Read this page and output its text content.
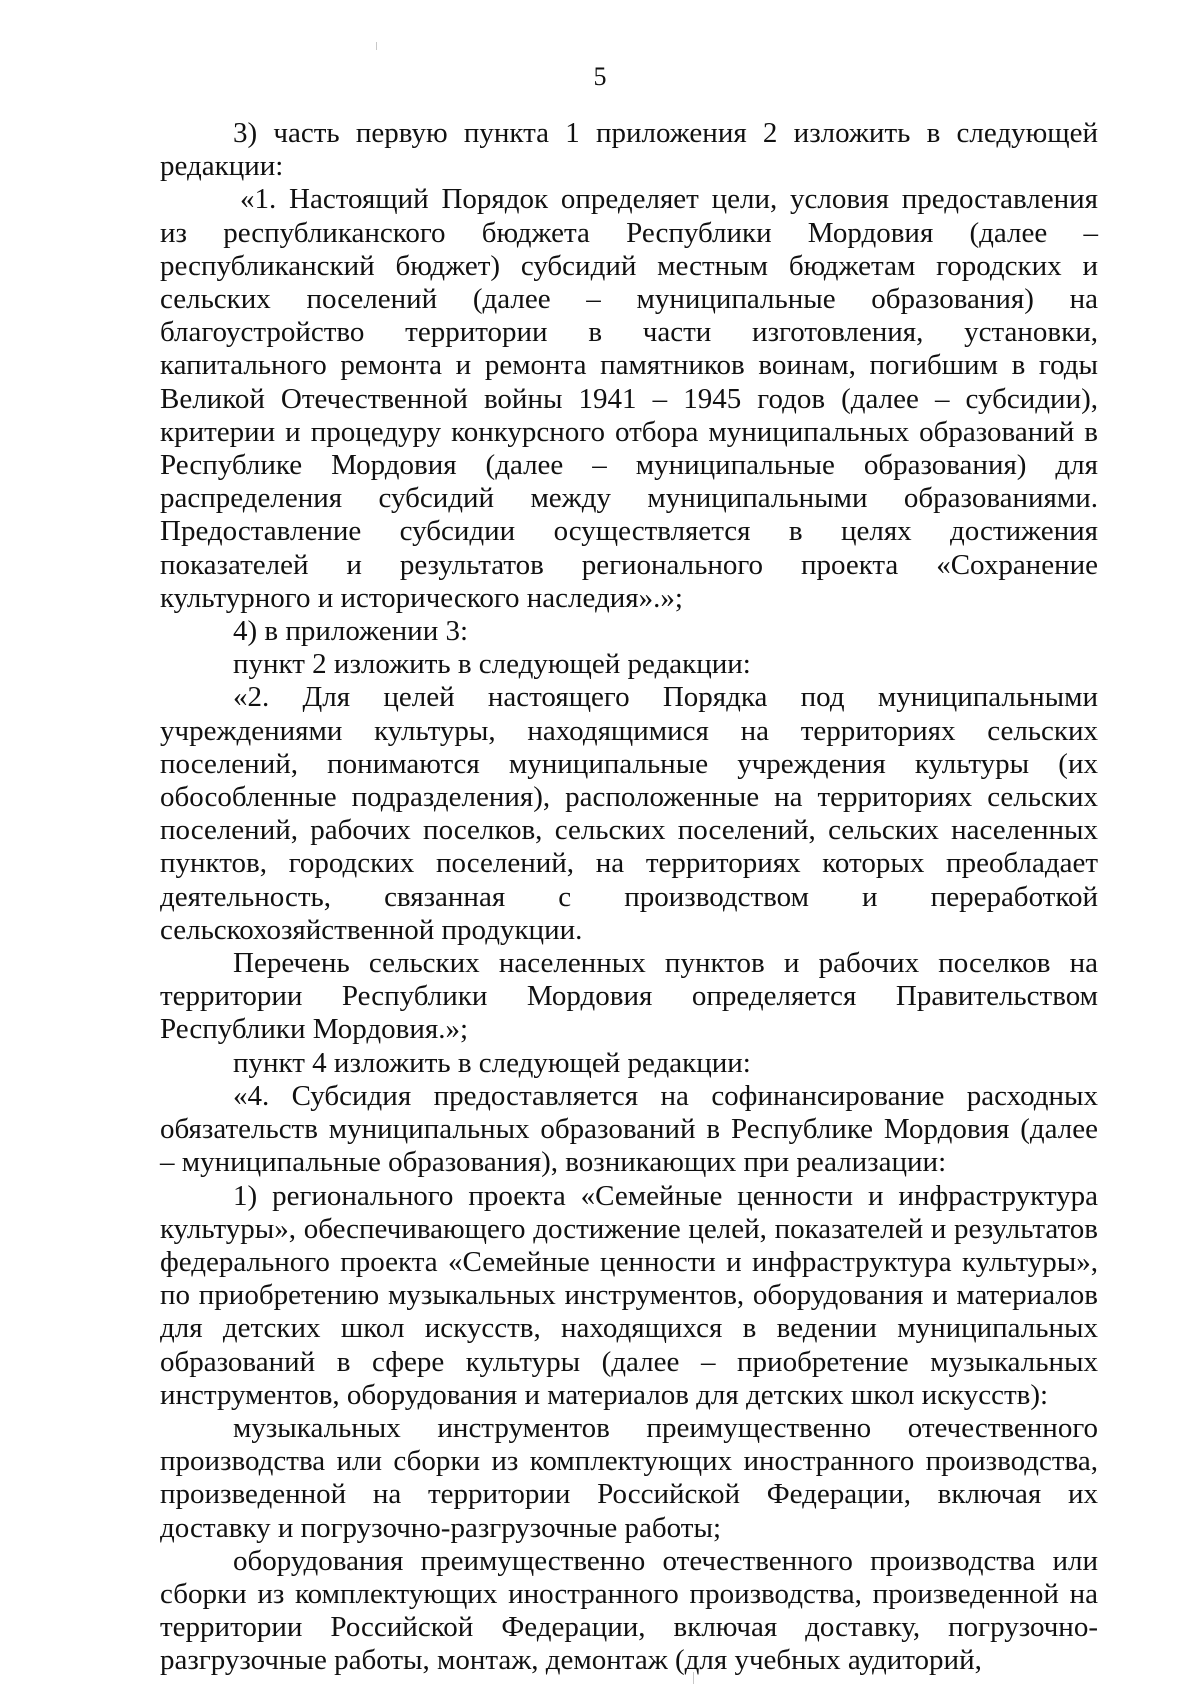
5

3) часть первую пункта 1 приложения 2 изложить в следующей редакции:

«1. Настоящий Порядок определяет цели, условия предоставления из республиканского бюджета Республики Мордовия (далее – республиканский бюджет) субсидий местным бюджетам городских и сельских поселений (далее – муниципальные образования) на благоустройство территории в части изготовления, установки, капитального ремонта и ремонта памятников воинам, погибшим в годы Великой Отечественной войны 1941 – 1945 годов (далее – субсидии), критерии и процедуру конкурсного отбора муниципальных образований в Республике Мордовия (далее – муниципальные образования) для распределения субсидий между муниципальными образованиями. Предоставление субсидии осуществляется в целях достижения показателей и результатов регионального проекта «Сохранение культурного и исторического наследия».»;

4) в приложении 3:

пункт 2 изложить в следующей редакции:

«2. Для целей настоящего Порядка под муниципальными учреждениями культуры, находящимися на территориях сельских поселений, понимаются муниципальные учреждения культуры (их обособленные подразделения), расположенные на территориях сельских поселений, рабочих поселков, сельских поселений, сельских населенных пунктов, городских поселений, на территориях которых преобладает деятельность, связанная с производством и переработкой сельскохозяйственной продукции.

Перечень сельских населенных пунктов и рабочих поселков на территории Республики Мордовия определяется Правительством Республики Мордовия.»;

пункт 4 изложить в следующей редакции:

«4. Субсидия предоставляется на софинансирование расходных обязательств муниципальных образований в Республике Мордовия (далее – муниципальные образования), возникающих при реализации:

1) регионального проекта «Семейные ценности и инфраструктура культуры», обеспечивающего достижение целей, показателей и результатов федерального проекта «Семейные ценности и инфраструктура культуры», по приобретению музыкальных инструментов, оборудования и материалов для детских школ искусств, находящихся в ведении муниципальных образований в сфере культуры (далее – приобретение музыкальных инструментов, оборудования и материалов для детских школ искусств):

музыкальных инструментов преимущественно отечественного производства или сборки из комплектующих иностранного производства, произведенной на территории Российской Федерации, включая их доставку и погрузочно-разгрузочные работы;

оборудования преимущественно отечественного производства или сборки из комплектующих иностранного производства, произведенной на территории Российской Федерации, включая доставку, погрузочно-разгрузочные работы, монтаж, демонтаж (для учебных аудиторий,
